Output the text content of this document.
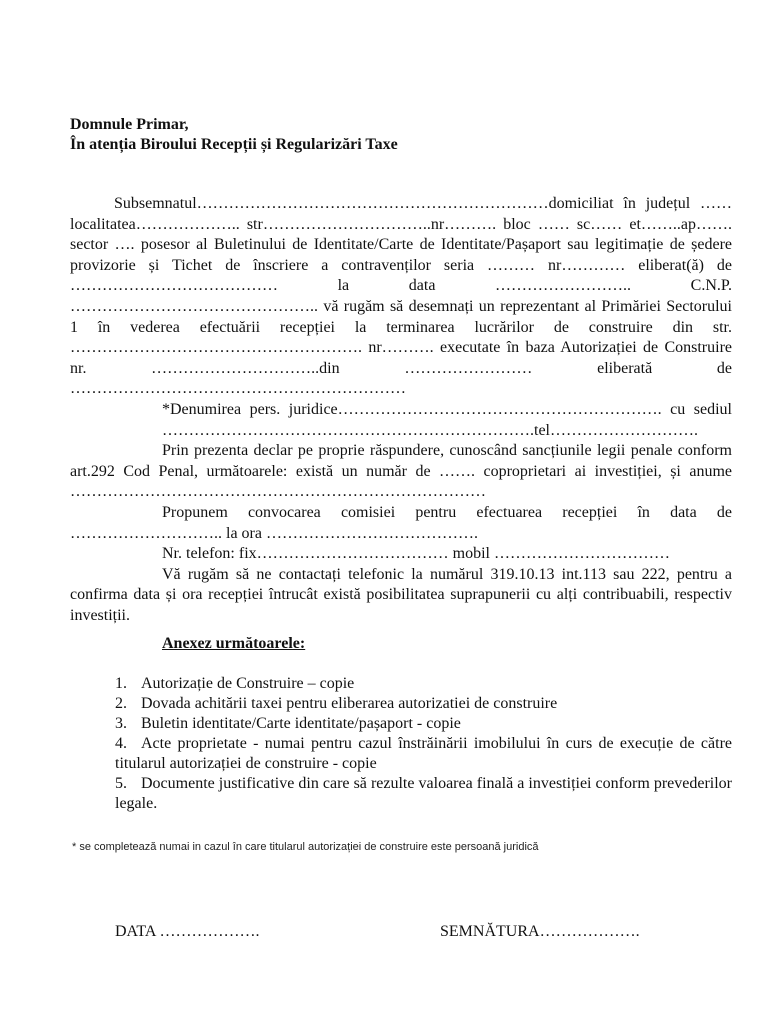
Domnule Primar,
În atenția Biroului Recepții și Regularizări Taxe

Subsemnatul…………………………………………………………domiciliat în județul …… localitatea……………….. str…………………………..nr………. bloc …… sc…… et……..ap……. sector …. posesor al Buletinului de Identitate/Carte de Identitate/Pașaport sau legitimație de ședere provizorie și Tichet de înscriere a contravenților seria ……… nr………… eliberat(ă) de ………………………………… la data …………………….. C.N.P. ……………………………………….. vă rugăm să desemnați un reprezentant al Primăriei Sectorului 1 în vederea efectuării recepției la terminarea lucrărilor de construire din str. ………………………………………………. nr………. executate în baza Autorizației de Construire nr. …………………………..din …………………… eliberată de ………………………………………………………

*Denumirea pers. juridice……………………………………………………. cu sediul …………………………………………………………….tel……………………….

Prin prezenta declar pe proprie răspundere, cunoscând sancțiunile legii penale conform art.292 Cod Penal, următoarele: există un număr de ……. coproprietari ai investiției, și anume ……………………………………………………………………

Propunem convocarea comisiei pentru efectuarea recepției în data de ……………………….. la ora ………………………………….

Nr. telefon: fix……………………………… mobil ……………………………

Vă rugăm să ne contactați telefonic la numărul 319.10.13 int.113 sau 222, pentru a confirma data și ora recepției întrucât există posibilitatea suprapunerii cu alți contribuabili, respectiv investiții.

Anexez următoarele:
1. Autorizație de Construire – copie
2. Dovada achitării taxei pentru eliberarea autorizatiei de construire
3. Buletin identitate/Carte identitate/pașaport - copie
4. Acte proprietate - numai pentru cazul înstrăinării imobilului în curs de execuție de către titularul autorizației de construire - copie
5. Documente justificative din care să rezulte valoarea finală a investiției conform prevederilor legale.
* se completează numai in cazul în care titularul autorizației de construire este persoană juridică
DATA ……………….	SEMNĂTURA……………….
